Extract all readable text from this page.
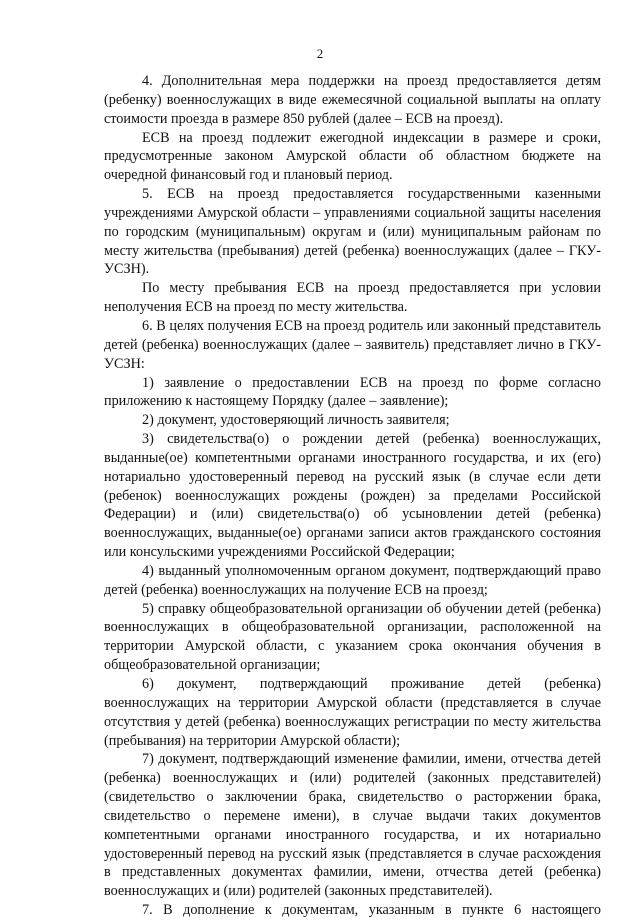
2

4. Дополнительная мера поддержки на проезд предоставляется детям (ребенку) военнослужащих в виде ежемесячной социальной выплаты на оплату стоимости проезда в размере 850 рублей (далее – ЕСВ на проезд).

ЕСВ на проезд подлежит ежегодной индексации в размере и сроки, предусмотренные законом Амурской области об областном бюджете на очередной финансовый год и плановый период.

5. ЕСВ на проезд предоставляется государственными казенными учреждениями Амурской области – управлениями социальной защиты населения по городским (муниципальным) округам и (или) муниципальным районам по месту жительства (пребывания) детей (ребенка) военнослужащих (далее – ГКУ-УСЗН).

По месту пребывания ЕСВ на проезд предоставляется при условии неполучения ЕСВ на проезд по месту жительства.

6. В целях получения ЕСВ на проезд родитель или законный представитель детей (ребенка) военнослужащих (далее – заявитель) представляет лично в ГКУ-УСЗН:

1) заявление о предоставлении ЕСВ на проезд по форме согласно приложению к настоящему Порядку (далее – заявление);

2) документ, удостоверяющий личность заявителя;

3) свидетельства(о) о рождении детей (ребенка) военнослужащих, выданные(ое) компетентными органами иностранного государства, и их (его) нотариально удостоверенный перевод на русский язык (в случае если дети (ребенок) военнослужащих рождены (рожден) за пределами Российской Федерации) и (или) свидетельства(о) об усыновлении детей (ребенка) военнослужащих, выданные(ое) органами записи актов гражданского состояния или консульскими учреждениями Российской Федерации;

4) выданный уполномоченным органом документ, подтверждающий право детей (ребенка) военнослужащих на получение ЕСВ на проезд;

5) справку общеобразовательной организации об обучении детей (ребенка) военнослужащих в общеобразовательной организации, расположенной на территории Амурской области, с указанием срока окончания обучения в общеобразовательной организации;

6) документ, подтверждающий проживание детей (ребенка) военнослужащих на территории Амурской области (представляется в случае отсутствия у детей (ребенка) военнослужащих регистрации по месту жительства (пребывания) на территории Амурской области);

7) документ, подтверждающий изменение фамилии, имени, отчества детей (ребенка) военнослужащих и (или) родителей (законных представителей) (свидетельство о заключении брака, свидетельство о расторжении брака, свидетельство о перемене имени), в случае выдачи таких документов компетентными органами иностранного государства, и их нотариально удостоверенный перевод на русский язык (представляется в случае расхождения в представленных документах фамилии, имени, отчества детей (ребенка) военнослужащих и (или) родителей (законных представителей).

7. В дополнение к документам, указанным в пункте 6 настоящего
